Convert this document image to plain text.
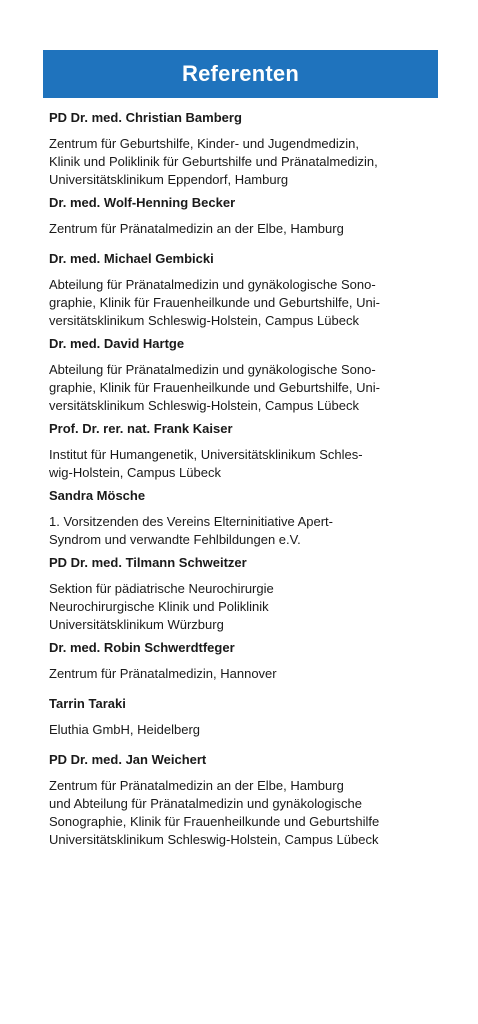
Referenten

PD Dr. med. Christian Bamberg

Zentrum für Geburtshilfe, Kinder- und Jugendmedizin,
Klinik und Poliklinik für Geburtshilfe und Pränatalmedizin,
Universitätsklinikum Eppendorf, Hamburg

Dr. med. Wolf-Henning Becker

Zentrum für Pränatalmedizin an der Elbe, Hamburg

Dr. med. Michael Gembicki

Abteilung für Pränatalmedizin und gynäkologische Sono-
graphie, Klinik für Frauenheilkunde und Geburtshilfe, Uni-
versitätsklinikum Schleswig-Holstein, Campus Lübeck

Dr. med. David Hartge

Abteilung für Pränatalmedizin und gynäkologische Sono-
graphie, Klinik für Frauenheilkunde und Geburtshilfe, Uni-
versitätsklinikum Schleswig-Holstein, Campus Lübeck

Prof. Dr. rer. nat. Frank Kaiser

Institut für Humangenetik, Universitätsklinikum Schles-
wig-Holstein, Campus Lübeck

Sandra Mösche

1. Vorsitzenden des Vereins Elterninitiative Apert-
Syndrom und verwandte Fehlbildungen e.V.

PD Dr. med. Tilmann Schweitzer

Sektion für pädiatrische Neurochirurgie
Neurochirurgische Klinik und Poliklinik
Universitätsklinikum Würzburg

Dr. med. Robin Schwerdtfeger

Zentrum für Pränatalmedizin, Hannover

Tarrin Taraki

Eluthia GmbH, Heidelberg

PD Dr. med. Jan Weichert

Zentrum für Pränatalmedizin an der Elbe, Hamburg
und Abteilung für Pränatalmedizin und gynäkologische
Sonographie, Klinik für Frauenheilkunde und Geburtshilfe
Universitätsklinikum Schleswig-Holstein, Campus Lübeck
